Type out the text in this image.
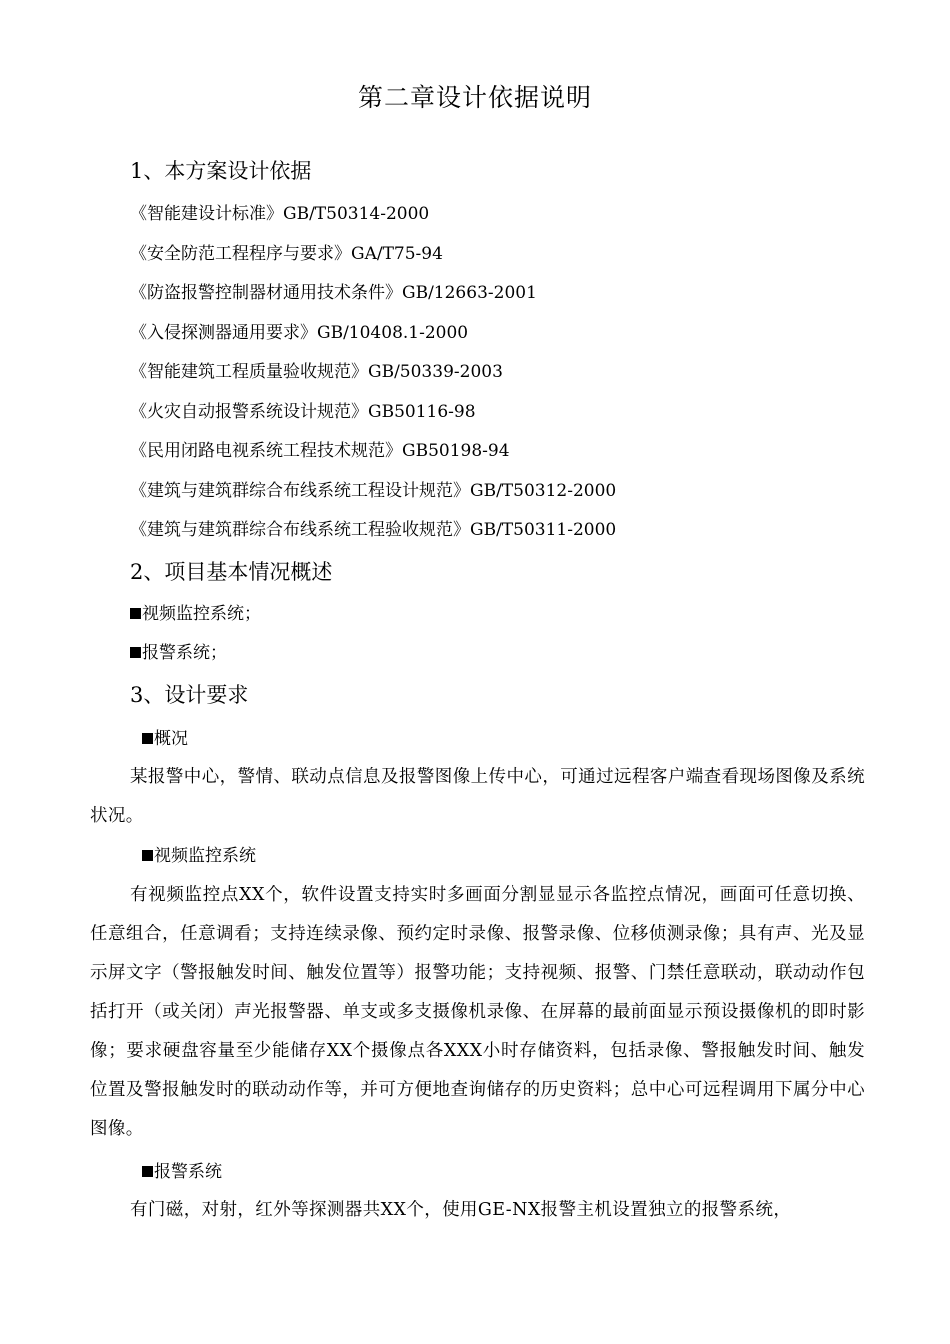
第二章设计依据说明
1、本方案设计依据
《智能建设计标准》GB/T50314-2000
《安全防范工程程序与要求》GA/T75-94
《防盗报警控制器材通用技术条件》GB/12663-2001
《入侵探测器通用要求》GB/10408.1-2000
《智能建筑工程质量验收规范》GB/50339-2003
《火灾自动报警系统设计规范》GB50116-98
《民用闭路电视系统工程技术规范》GB50198-94
《建筑与建筑群综合布线系统工程设计规范》GB/T50312-2000
《建筑与建筑群综合布线系统工程验收规范》GB/T50311-2000
2、项目基本情况概述
视频监控系统；
报警系统；
3、设计要求
概况

某报警中心，警情、联动点信息及报警图像上传中心，可通过远程客户端查看现场图像及系统状况。

视频监控系统

有视频监控点XX个，软件设置支持实时多画面分割显显示各监控点情况，画面可任意切换、任意组合，任意调看；支持连续录像、预约定时录像、报警录像、位移侦测录像；具有声、光及显示屏文字（警报触发时间、触发位置等）报警功能；支持视频、报警、门禁任意联动，联动动作包括打开（或关闭）声光报警器、单支或多支摄像机录像、在屏幕的最前面显示预设摄像机的即时影像；要求硬盘容量至少能储存XX个摄像点各XXX小时存储资料，包括录像、警报触发时间、触发位置及警报触发时的联动动作等，并可方便地查询储存的历史资料；总中心可远程调用下属分中心图像。

报警系统

有门磁，对射，红外等探测器共XX个，使用GE-NX报警主机设置独立的报警系统，
